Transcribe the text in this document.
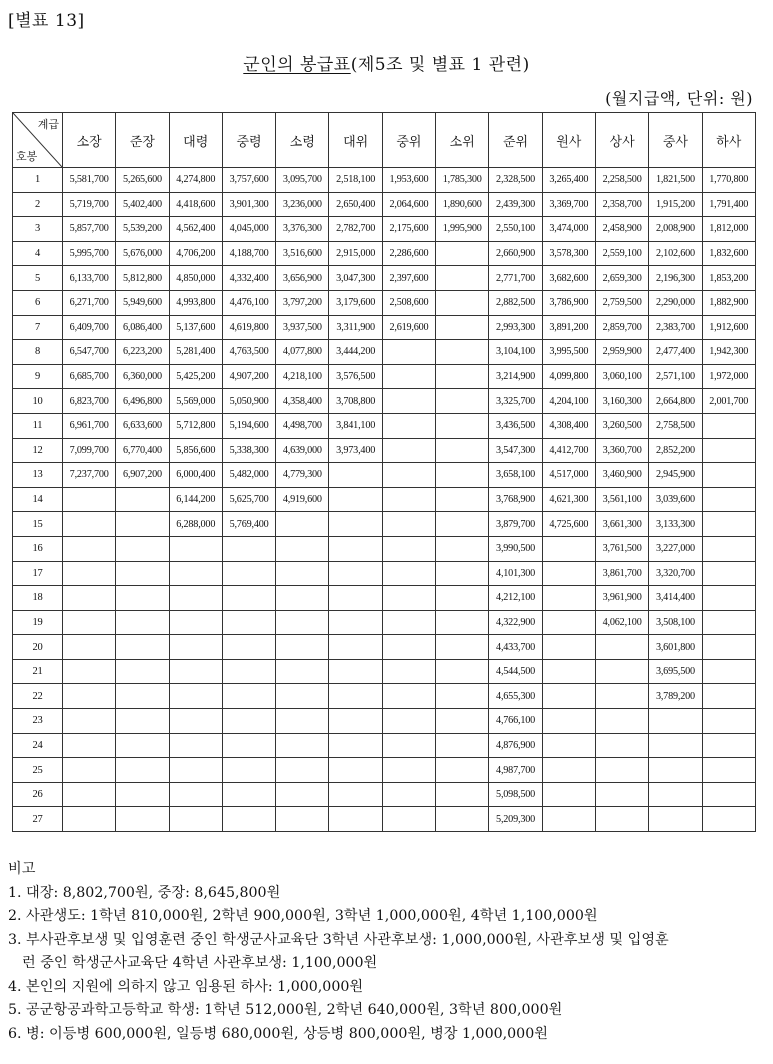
[별표 13]
군인의 봉급표(제5조 및 별표 1 관련)
(월지급액, 단위: 원)
계급
호봉	소장	준장	대령	중령	소령	대위	중위	소위	준위	원사	상사	중사	하사
1	5,581,700	5,265,600	4,274,800	3,757,600	3,095,700	2,518,100	1,953,600	1,785,300	2,328,500	3,265,400	2,258,500	1,821,500	1,770,800
2	5,719,700	5,402,400	4,418,600	3,901,300	3,236,000	2,650,400	2,064,600	1,890,600	2,439,300	3,369,700	2,358,700	1,915,200	1,791,400
3	5,857,700	5,539,200	4,562,400	4,045,000	3,376,300	2,782,700	2,175,600	1,995,900	2,550,100	3,474,000	2,458,900	2,008,900	1,812,000
4	5,995,700	5,676,000	4,706,200	4,188,700	3,516,600	2,915,000	2,286,600		2,660,900	3,578,300	2,559,100	2,102,600	1,832,600
5	6,133,700	5,812,800	4,850,000	4,332,400	3,656,900	3,047,300	2,397,600		2,771,700	3,682,600	2,659,300	2,196,300	1,853,200
6	6,271,700	5,949,600	4,993,800	4,476,100	3,797,200	3,179,600	2,508,600		2,882,500	3,786,900	2,759,500	2,290,000	1,882,900
7	6,409,700	6,086,400	5,137,600	4,619,800	3,937,500	3,311,900	2,619,600		2,993,300	3,891,200	2,859,700	2,383,700	1,912,600
8	6,547,700	6,223,200	5,281,400	4,763,500	4,077,800	3,444,200			3,104,100	3,995,500	2,959,900	2,477,400	1,942,300
9	6,685,700	6,360,000	5,425,200	4,907,200	4,218,100	3,576,500			3,214,900	4,099,800	3,060,100	2,571,100	1,972,000
10	6,823,700	6,496,800	5,569,000	5,050,900	4,358,400	3,708,800			3,325,700	4,204,100	3,160,300	2,664,800	2,001,700
11	6,961,700	6,633,600	5,712,800	5,194,600	4,498,700	3,841,100			3,436,500	4,308,400	3,260,500	2,758,500	
12	7,099,700	6,770,400	5,856,600	5,338,300	4,639,000	3,973,400			3,547,300	4,412,700	3,360,700	2,852,200	
13	7,237,700	6,907,200	6,000,400	5,482,000	4,779,300				3,658,100	4,517,000	3,460,900	2,945,900	
14			6,144,200	5,625,700	4,919,600				3,768,900	4,621,300	3,561,100	3,039,600	
15			6,288,000	5,769,400					3,879,700	4,725,600	3,661,300	3,133,300	
16									3,990,500		3,761,500	3,227,000	
17									4,101,300		3,861,700	3,320,700	
18									4,212,100		3,961,900	3,414,400	
19									4,322,900		4,062,100	3,508,100	
20									4,433,700			3,601,800	
21									4,544,500			3,695,500	
22									4,655,300			3,789,200	
23									4,766,100				
24									4,876,900				
25									4,987,700				
26									5,098,500				
27									5,209,300				
비고
1. 대장: 8,802,700원, 중장: 8,645,800원
2. 사관생도: 1학년 810,000원, 2학년 900,000원, 3학년 1,000,000원, 4학년 1,100,000원
3. 부사관후보생 및 입영훈련 중인 학생군사교육단 3학년 사관후보생: 1,000,000원, 사관후보생 및 입영훈
런 중인 학생군사교육단 4학년 사관후보생: 1,100,000원
4. 본인의 지원에 의하지 않고 임용된 하사: 1,000,000원
5. 공군항공과학고등학교 학생: 1학년 512,000원, 2학년 640,000원, 3학년 800,000원
6. 병: 이등병 600,000원, 일등병 680,000원, 상등병 800,000원, 병장 1,000,000원
